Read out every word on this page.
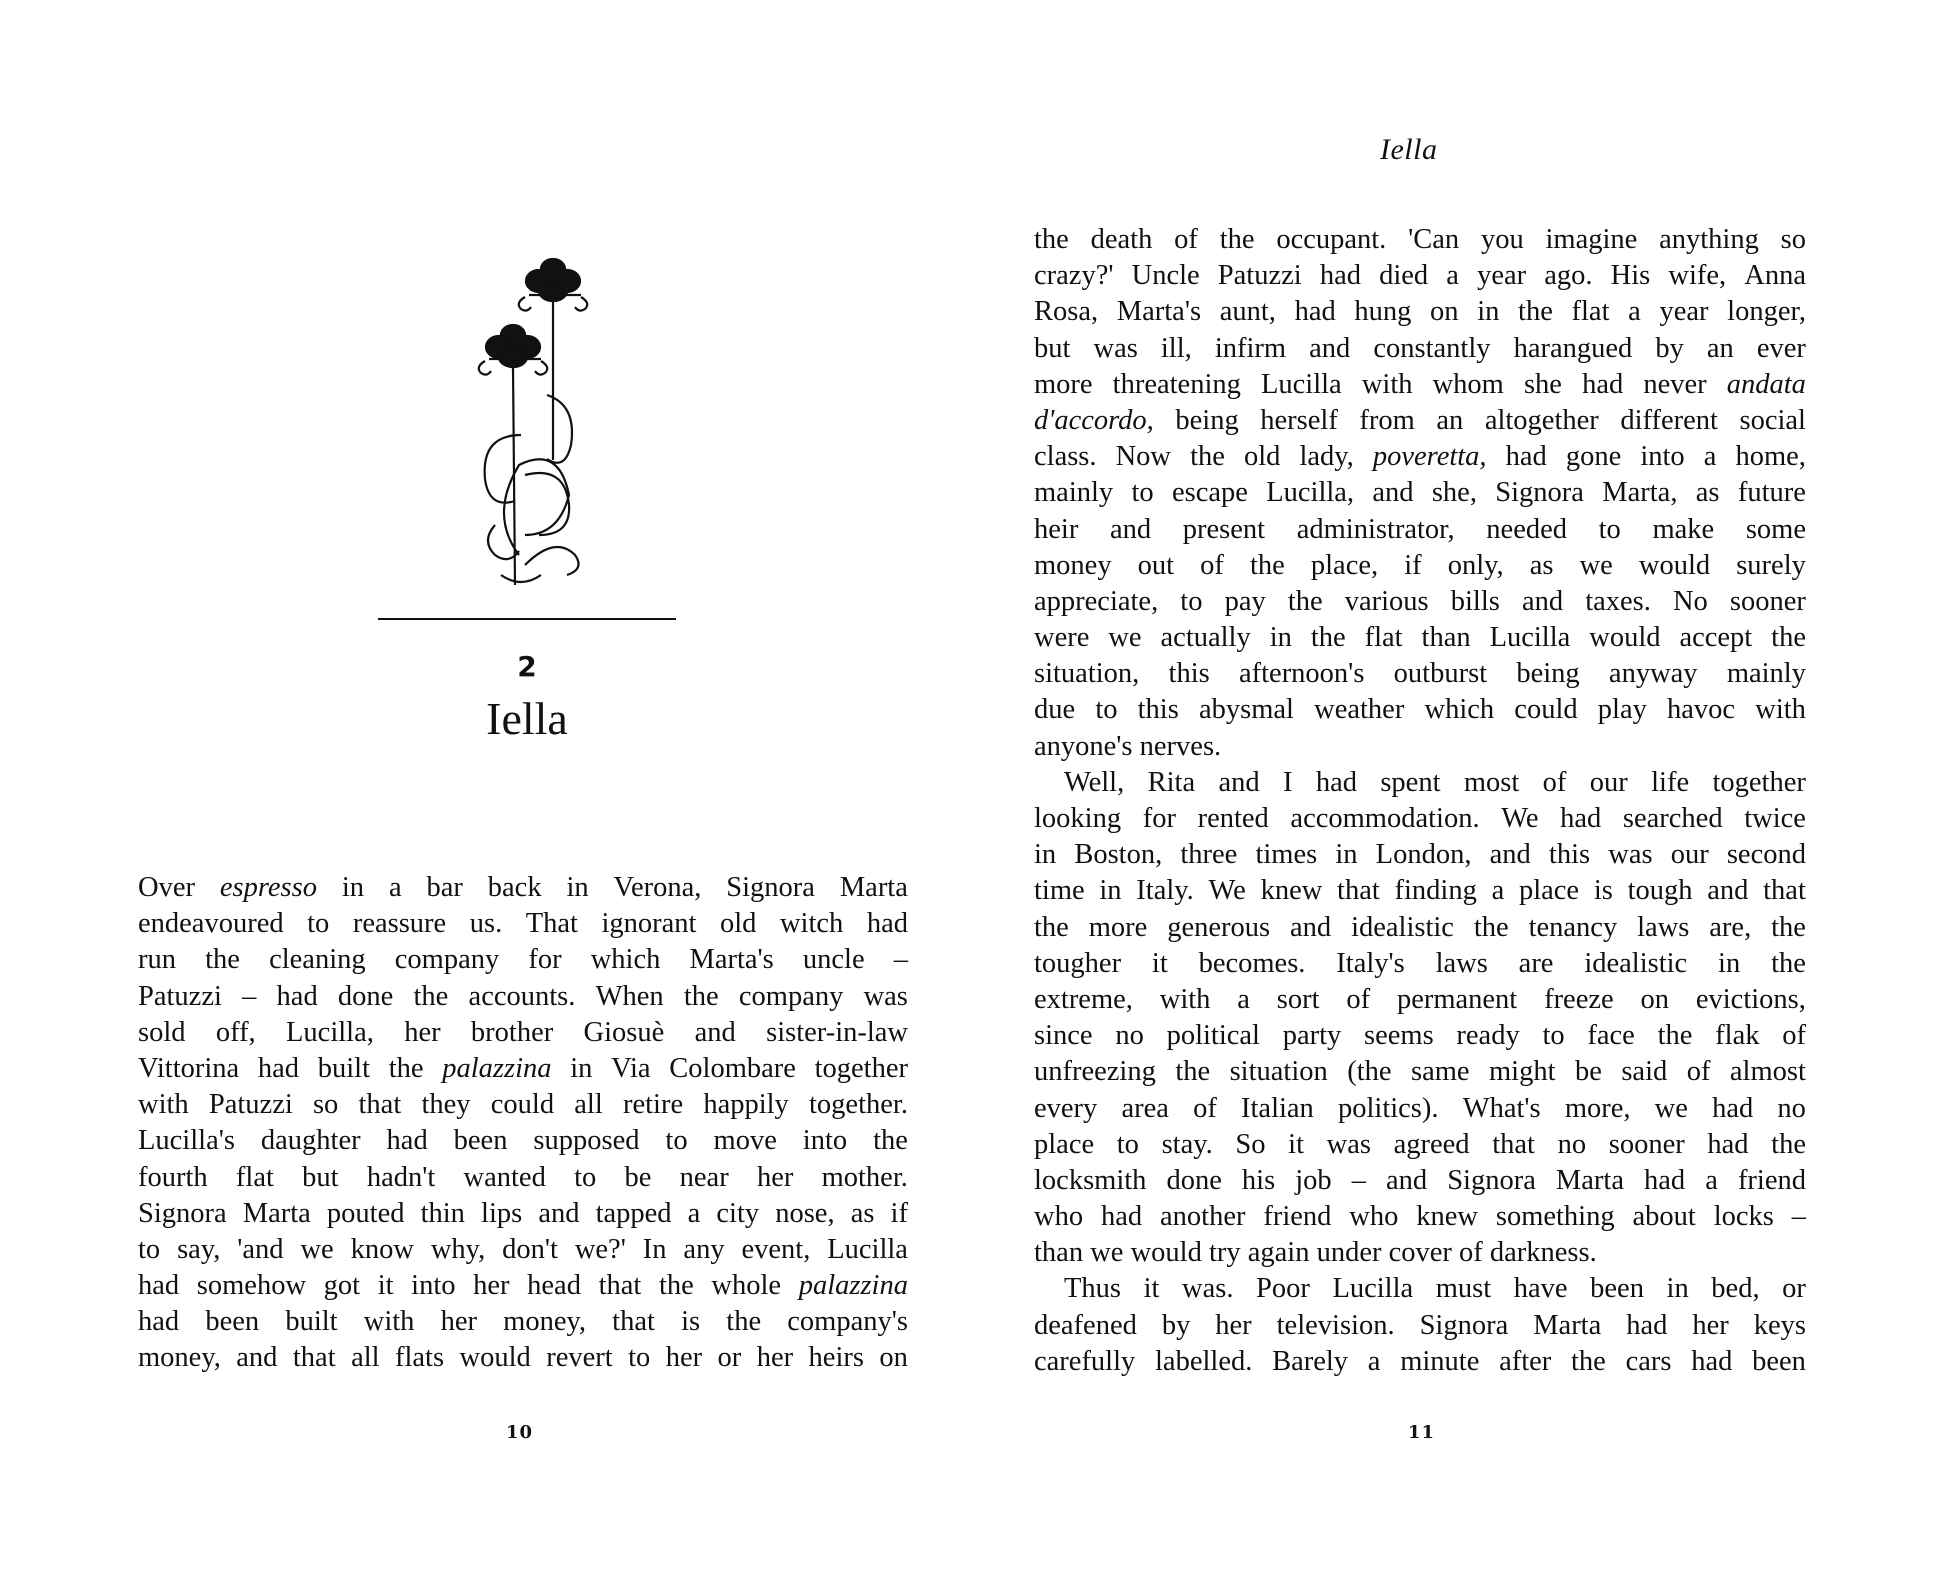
Iella
2
Iella
Over espresso in a bar back in Verona, Signora Marta
endeavoured to reassure us. That ignorant old witch had
run the cleaning company for which Marta's uncle –
Patuzzi – had done the accounts. When the company was
sold off, Lucilla, her brother Giosuè and sister-in-law
Vittorina had built the palazzina in Via Colombare together
with Patuzzi so that they could all retire happily together.
Lucilla's daughter had been supposed to move into the
fourth flat but hadn't wanted to be near her mother.
Signora Marta pouted thin lips and tapped a city nose, as if
to say, 'and we know why, don't we?' In any event, Lucilla
had somehow got it into her head that the whole palazzina
had been built with her money, that is the company's
money, and that all flats would revert to her or her heirs on
the death of the occupant. 'Can you imagine anything so
crazy?' Uncle Patuzzi had died a year ago. His wife, Anna
Rosa, Marta's aunt, had hung on in the flat a year longer,
but was ill, infirm and constantly harangued by an ever
more threatening Lucilla with whom she had never andata
d'accordo, being herself from an altogether different social
class. Now the old lady, poveretta, had gone into a home,
mainly to escape Lucilla, and she, Signora Marta, as future
heir and present administrator, needed to make some
money out of the place, if only, as we would surely
appreciate, to pay the various bills and taxes. No sooner
were we actually in the flat than Lucilla would accept the
situation, this afternoon's outburst being anyway mainly
due to this abysmal weather which could play havoc with
anyone's nerves.
Well, Rita and I had spent most of our life together
looking for rented accommodation. We had searched twice
in Boston, three times in London, and this was our second
time in Italy. We knew that finding a place is tough and that
the more generous and idealistic the tenancy laws are, the
tougher it becomes. Italy's laws are idealistic in the
extreme, with a sort of permanent freeze on evictions,
since no political party seems ready to face the flak of
unfreezing the situation (the same might be said of almost
every area of Italian politics). What's more, we had no
place to stay. So it was agreed that no sooner had the
locksmith done his job – and Signora Marta had a friend
who had another friend who knew something about locks –
than we would try again under cover of darkness.
Thus it was. Poor Lucilla must have been in bed, or
deafened by her television. Signora Marta had her keys
carefully labelled. Barely a minute after the cars had been
10	11
